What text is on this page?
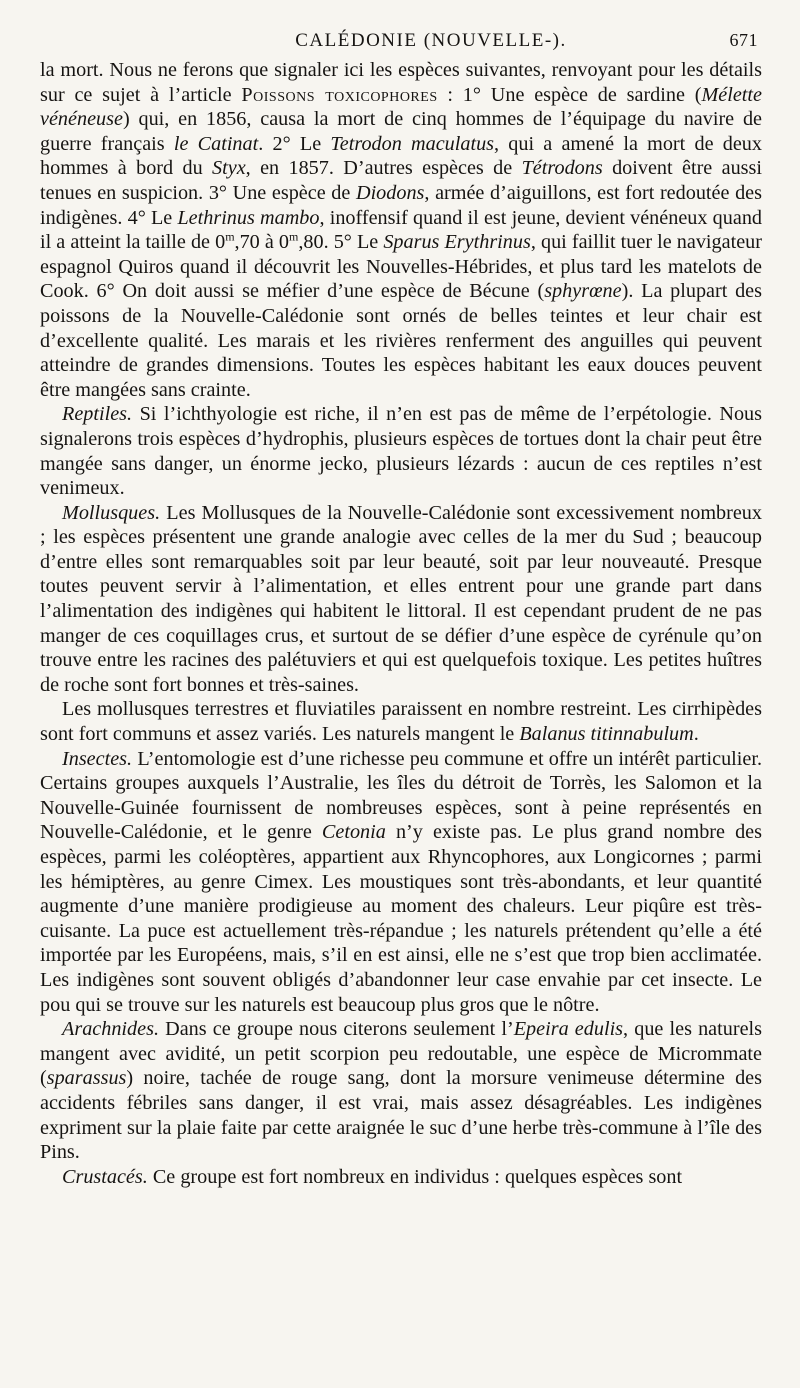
CALÉDONIE (NOUVELLE-).	671

la mort. Nous ne ferons que signaler ici les espèces suivantes, renvoyant pour les détails sur ce sujet à l’article Poissons toxicophores : 1° Une espèce de sardine (Mélette vénéneuse) qui, en 1856, causa la mort de cinq hommes de l’équipage du navire de guerre français le Catinat. 2° Le Tetrodon maculatus, qui a amené la mort de deux hommes à bord du Styx, en 1857. D’autres espèces de Tétrodons doivent être aussi tenues en suspicion. 3° Une espèce de Diodons, armée d’aiguillons, est fort redoutée des indigènes. 4° Le Lethrinus mambo, inoffensif quand il est jeune, devient vénéneux quand il a atteint la taille de 0$^m$,70 à 0$^m$,80. 5° Le Sparus Erythrinus, qui faillit tuer le navigateur espagnol Quiros quand il découvrit les Nouvelles-Hébrides, et plus tard les matelots de Cook. 6° On doit aussi se méfier d’une espèce de Bécune (sphyrœne). La plupart des poissons de la Nouvelle-Calédonie sont ornés de belles teintes et leur chair est d’excellente qualité. Les marais et les rivières renferment des anguilles qui peuvent atteindre de grandes dimensions. Toutes les espèces habitant les eaux douces peuvent être mangées sans crainte.

Reptiles. Si l’ichthyologie est riche, il n’en est pas de même de l’erpétologie. Nous signalerons trois espèces d’hydrophis, plusieurs espèces de tortues dont la chair peut être mangée sans danger, un énorme jecko, plusieurs lézards : aucun de ces reptiles n’est venimeux.

Mollusques. Les Mollusques de la Nouvelle-Calédonie sont excessivement nombreux ; les espèces présentent une grande analogie avec celles de la mer du Sud ; beaucoup d’entre elles sont remarquables soit par leur beauté, soit par leur nouveauté. Presque toutes peuvent servir à l’alimentation, et elles entrent pour une grande part dans l’alimentation des indigènes qui habitent le littoral. Il est cependant prudent de ne pas manger de ces coquillages crus, et surtout de se défier d’une espèce de cyrénule qu’on trouve entre les racines des palétuviers et qui est quelquefois toxique. Les petites huîtres de roche sont fort bonnes et très-saines.

Les mollusques terrestres et fluviatiles paraissent en nombre restreint. Les cirrhipèdes sont fort communs et assez variés. Les naturels mangent le Balanus titinnabulum.

Insectes. L’entomologie est d’une richesse peu commune et offre un intérêt particulier. Certains groupes auxquels l’Australie, les îles du détroit de Torrès, les Salomon et la Nouvelle-Guinée fournissent de nombreuses espèces, sont à peine représentés en Nouvelle-Calédonie, et le genre Cetonia n’y existe pas. Le plus grand nombre des espèces, parmi les coléoptères, appartient aux Rhyncophores, aux Longicornes ; parmi les hémiptères, au genre Cimex. Les moustiques sont très-abondants, et leur quantité augmente d’une manière prodigieuse au moment des chaleurs. Leur piqûre est très-cuisante. La puce est actuellement très-répandue ; les naturels prétendent qu’elle a été importée par les Européens, mais, s’il en est ainsi, elle ne s’est que trop bien acclimatée. Les indigènes sont souvent obligés d’abandonner leur case envahie par cet insecte. Le pou qui se trouve sur les naturels est beaucoup plus gros que le nôtre.

Arachnides. Dans ce groupe nous citerons seulement l’Epeira edulis, que les naturels mangent avec avidité, un petit scorpion peu redoutable, une espèce de Micrommate (sparassus) noire, tachée de rouge sang, dont la morsure venimeuse détermine des accidents fébriles sans danger, il est vrai, mais assez désagréables. Les indigènes expriment sur la plaie faite par cette araignée le suc d’une herbe très-commune à l’île des Pins.

Crustacés. Ce groupe est fort nombreux en individus : quelques espèces sont
